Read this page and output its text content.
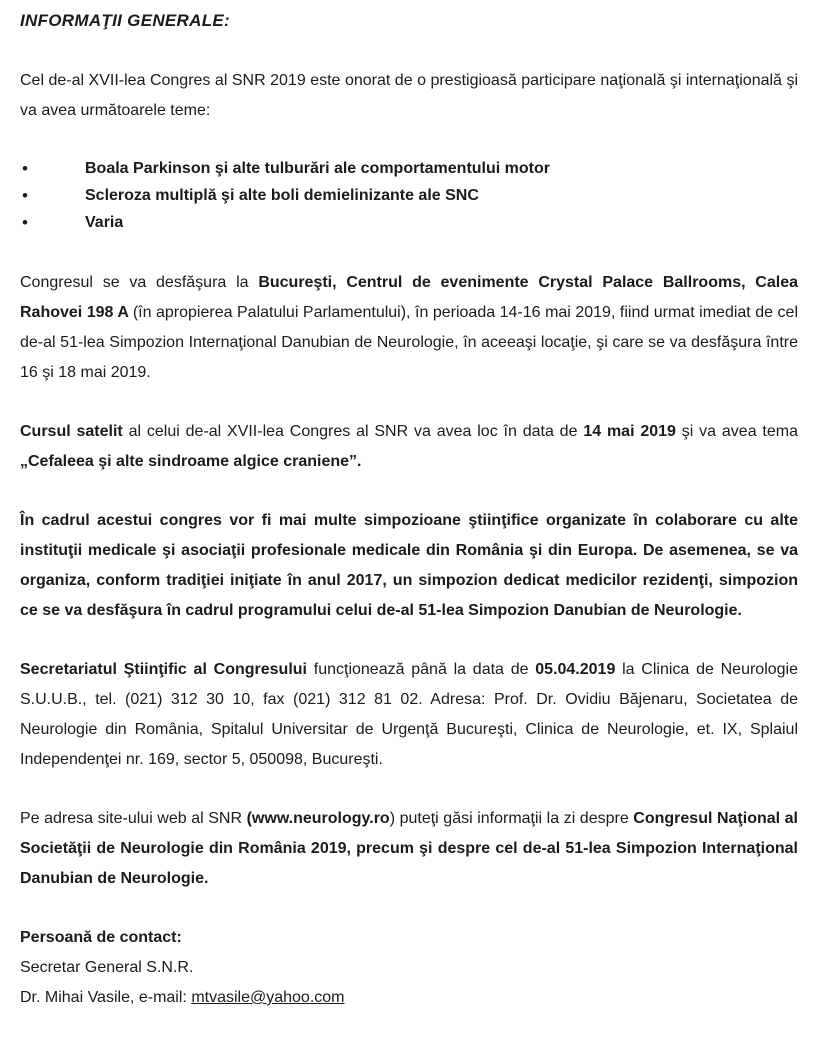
INFORMAŢII GENERALE:

Cel de-al XVII-lea Congres al SNR 2019 este onorat de o prestigioasă participare naţională şi internaţională şi va avea următoarele teme:

•	Boala Parkinson şi alte tulburări ale comportamentului motor
•	Scleroza multiplă şi alte boli demielinizante ale SNC
•	Varia

Congresul se va desfăşura la Bucureşti, Centrul de evenimente Crystal Palace Ballrooms, Calea Rahovei 198 A (în apropierea Palatului Parlamentului), în perioada 14-16 mai 2019, fiind urmat imediat de cel de-al 51-lea Simpozion Internaţional Danubian de Neurologie, în aceeaşi locaţie, şi care se va desfăşura între 16 şi 18 mai 2019.

Cursul satelit al celui de-al XVII-lea Congres al SNR va avea loc în data de 14 mai 2019 şi va avea tema „Cefaleea şi alte sindroame algice craniene”.

În cadrul acestui congres vor fi mai multe simpozioane ştiinţifice organizate în colaborare cu alte instituţii medicale şi asociaţii profesionale medicale din România şi din Europa. De asemenea, se va organiza, conform tradiţiei iniţiate în anul 2017, un simpozion dedicat medicilor rezidenţi, simpozion ce se va desfăşura în cadrul programului celui de-al 51-lea Simpozion Danubian de Neurologie.

Secretariatul Ştiinţific al Congresului funcţionează până la data de 05.04.2019 la Clinica de Neurologie S.U.U.B., tel. (021) 312 30 10, fax (021) 312 81 02. Adresa: Prof. Dr. Ovidiu Băjenaru, Societatea de Neurologie din România, Spitalul Universitar de Urgenţă Bucureşti, Clinica de Neurologie, et. IX, Splaiul Independenţei nr. 169, sector 5, 050098, Bucureşti.

Pe adresa site-ului web al SNR (www.neurology.ro) puteţi găsi informaţii la zi despre Congresul Naţional al Societăţii de Neurologie din România 2019, precum şi despre cel de-al 51-lea Simpozion Internaţional Danubian de Neurologie.

Persoană de contact:

Secretar General S.N.R.

Dr. Mihai Vasile, e-mail: mtvasile@yahoo.com
